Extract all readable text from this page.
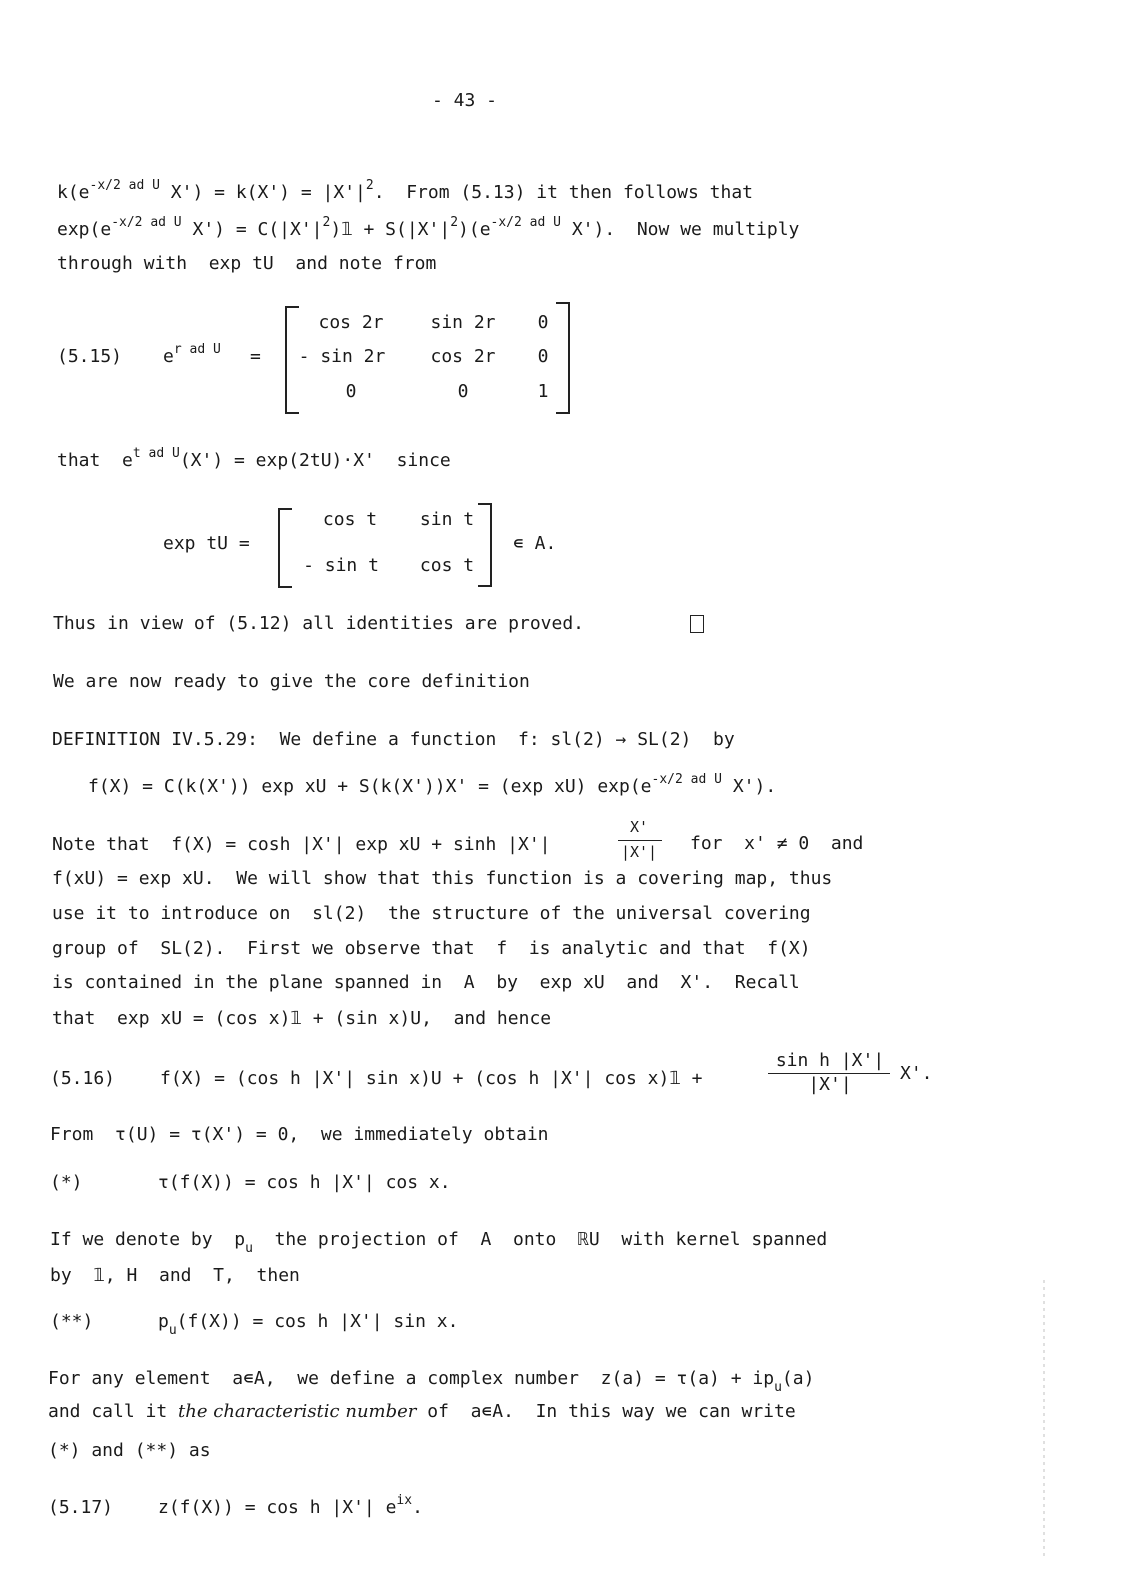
- 43 -
$k(e^{-x/2 ad U}$ $X') = k(X') = |X'|^2$.  From (5.13) it then follows that
$\exp(e^{-x/2 ad U}$ $X') = C(|X'|^2)𝟙 + S(|X'|^2)(e^{-x/2 ad U}$ X').  Now we multiply
through with  exp tU  and note from
(5.15) $e^{r ad U}$ =
cos 2r	sin 2r	0
- sin 2r	cos 2r	0
0	0	1
that  $e^{t ad U}(X') = \exp(2tU)\cdot X'$  since
exp tU =
cos t	sin t
- sin t	cos t
∊ A.
Thus in view of (5.12) all identities are proved.
We are now ready to give the core definition
DEFINITION IV.5.29:  We define a function  f: sl(2) → SL(2)  by
f(X) = C(k(X')) exp xU + S(k(X'))X' = (exp xU) $\exp(e^{-x/2 ad U}$ X').
Note that  f(X) = cosh |X'| exp xU + sinh |X'|
X'
|X'| for  x' ≠ 0  and
f(xU) = exp xU.  We will show that this function is a covering map, thus
use it to introduce on  sl(2)  the structure of the universal covering
group of  SL(2).  First we observe that  f  is analytic and that  f(X)
is contained in the plane spanned in  A  by  exp xU  and  X'.  Recall
that  exp xU = (cos x)𝟙 + (sin x)U,  and hence
(5.16) f(X) = (cos h |X'| sin x)U + (cos h |X'| cos x)𝟙 +
sin h |X'|
|X'|
X'.
From  τ(U) = τ(X') = 0,  we immediately obtain
(*)	τ(f(X)) = cos h |X'| cos x.
If we denote by  $p_u$  the projection of  A  onto  ℝU  with kernel spanned
by  𝟙, H  and  T,  then
(**)	$p_u(f(X)) = \cos h$ |X'| sin x.
For any element  a∊A,  we define a complex number  $z(a) = \tau(a) + ip_u(a)$
and call it the characteristic number of  a∊A.  In this way we can write
(*) and (**) as
(5.17) z(f(X)) = cos h |X'| $e^{ix}$.
